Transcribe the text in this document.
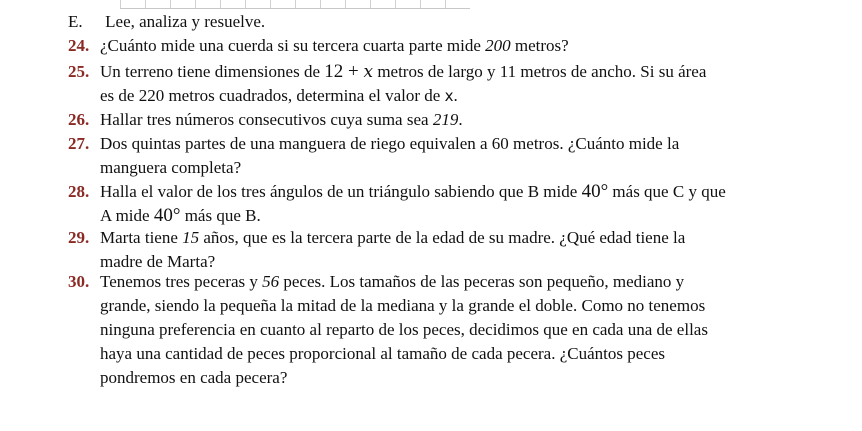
E. Lee, analiza y resuelve.
24. ¿Cuánto mide una cuerda si su tercera cuarta parte mide 200 metros?
25. Un terreno tiene dimensiones de 12 + x metros de largo y 11 metros de ancho. Si su área
es de 220 metros cuadrados, determina el valor de x.
26. Hallar tres números consecutivos cuya suma sea 219.
27. Dos quintas partes de una manguera de riego equivalen a 60 metros. ¿Cuánto mide la
manguera completa?
28. Halla el valor de los tres ángulos de un triángulo sabiendo que B mide 40° más que C y que
A mide 40° más que B.
29. Marta tiene 15 años, que es la tercera parte de la edad de su madre. ¿Qué edad tiene la
madre de Marta?
30. Tenemos tres peceras y 56 peces. Los tamaños de las peceras son pequeño, mediano y
grande, siendo la pequeña la mitad de la mediana y la grande el doble. Como no tenemos
ninguna preferencia en cuanto al reparto de los peces, decidimos que en cada una de ellas
haya una cantidad de peces proporcional al tamaño de cada pecera. ¿Cuántos peces
pondremos en cada pecera?
